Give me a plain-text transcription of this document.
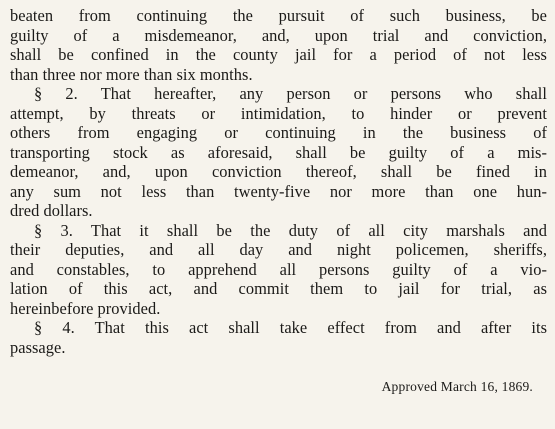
beaten from continuing the pursuit of such business, be
guilty of a misdemeanor, and, upon trial and conviction,
shall be confined in the county jail for a period of not less
than three nor more than six months.
§ 2. That hereafter, any person or persons who shall
attempt, by threats or intimidation, to hinder or prevent
others from engaging or continuing in the business of
transporting stock as aforesaid, shall be guilty of a mis-
demeanor, and, upon conviction thereof, shall be fined in
any sum not less than twenty-five nor more than one hun-
dred dollars.
§ 3. That it shall be the duty of all city marshals and
their deputies, and all day and night policemen, sheriffs,
and constables, to apprehend all persons guilty of a vio-
lation of this act, and commit them to jail for trial, as
hereinbefore provided.
§ 4. That this act shall take effect from and after its
passage.
Approved March 16, 1869.
